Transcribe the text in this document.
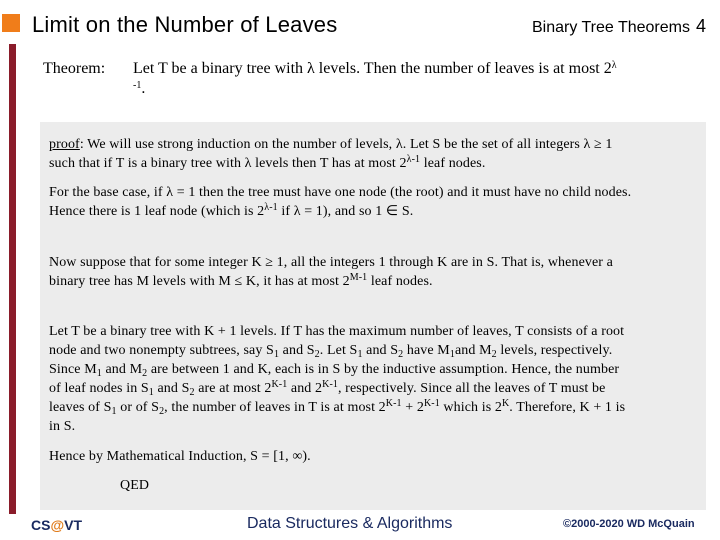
Limit on the Number of Leaves	Binary Tree Theorems 4
Theorem: Let T be a binary tree with λ levels. Then the number of leaves is at most $2^\lambda$
$^{-1}$.
proof: We will use strong induction on the number of levels, λ. Let S be the set of all integers λ ≥ 1
such that if T is a binary tree with λ levels then T has at most $2^{\lambda-1}$ leaf nodes.
For the base case, if λ = 1 then the tree must have one node (the root) and it must have no child nodes.
Hence there is 1 leaf node (which is $2^{\lambda-1}$ if λ = 1), and so 1 ∈ S.
Now suppose that for some integer K ≥ 1, all the integers 1 through K are in S. That is, whenever a
binary tree has M levels with M ≤ K, it has at most $2^{M-1}$ leaf nodes.
Let T be a binary tree with K + 1 levels. If T has the maximum number of leaves, T consists of a root
node and two nonempty subtrees, say $S_1$ and $S_2$. Let $S_1$ and $S_2$ have $M_1and$ $M_2$ levels, respectively.
Since $M_1$ and $M_2$ are between 1 and K, each is in S by the inductive assumption. Hence, the number
of leaf nodes in $S_1$ and $S_2$ are at most $2^{K-1}$ and $2^{K-1}$, respectively. Since all the leaves of T must be
leaves of $S_1$ or of $S_2$, the number of leaves in T is at most $2^{K-1} + 2^{K-1}$ which is $2^K$. Therefore, K + 1 is
in S.
Hence by Mathematical Induction, S = [1, ∞).
QED
CS@VT	Data Structures & Algorithms	©2000-2020 WD McQuain
